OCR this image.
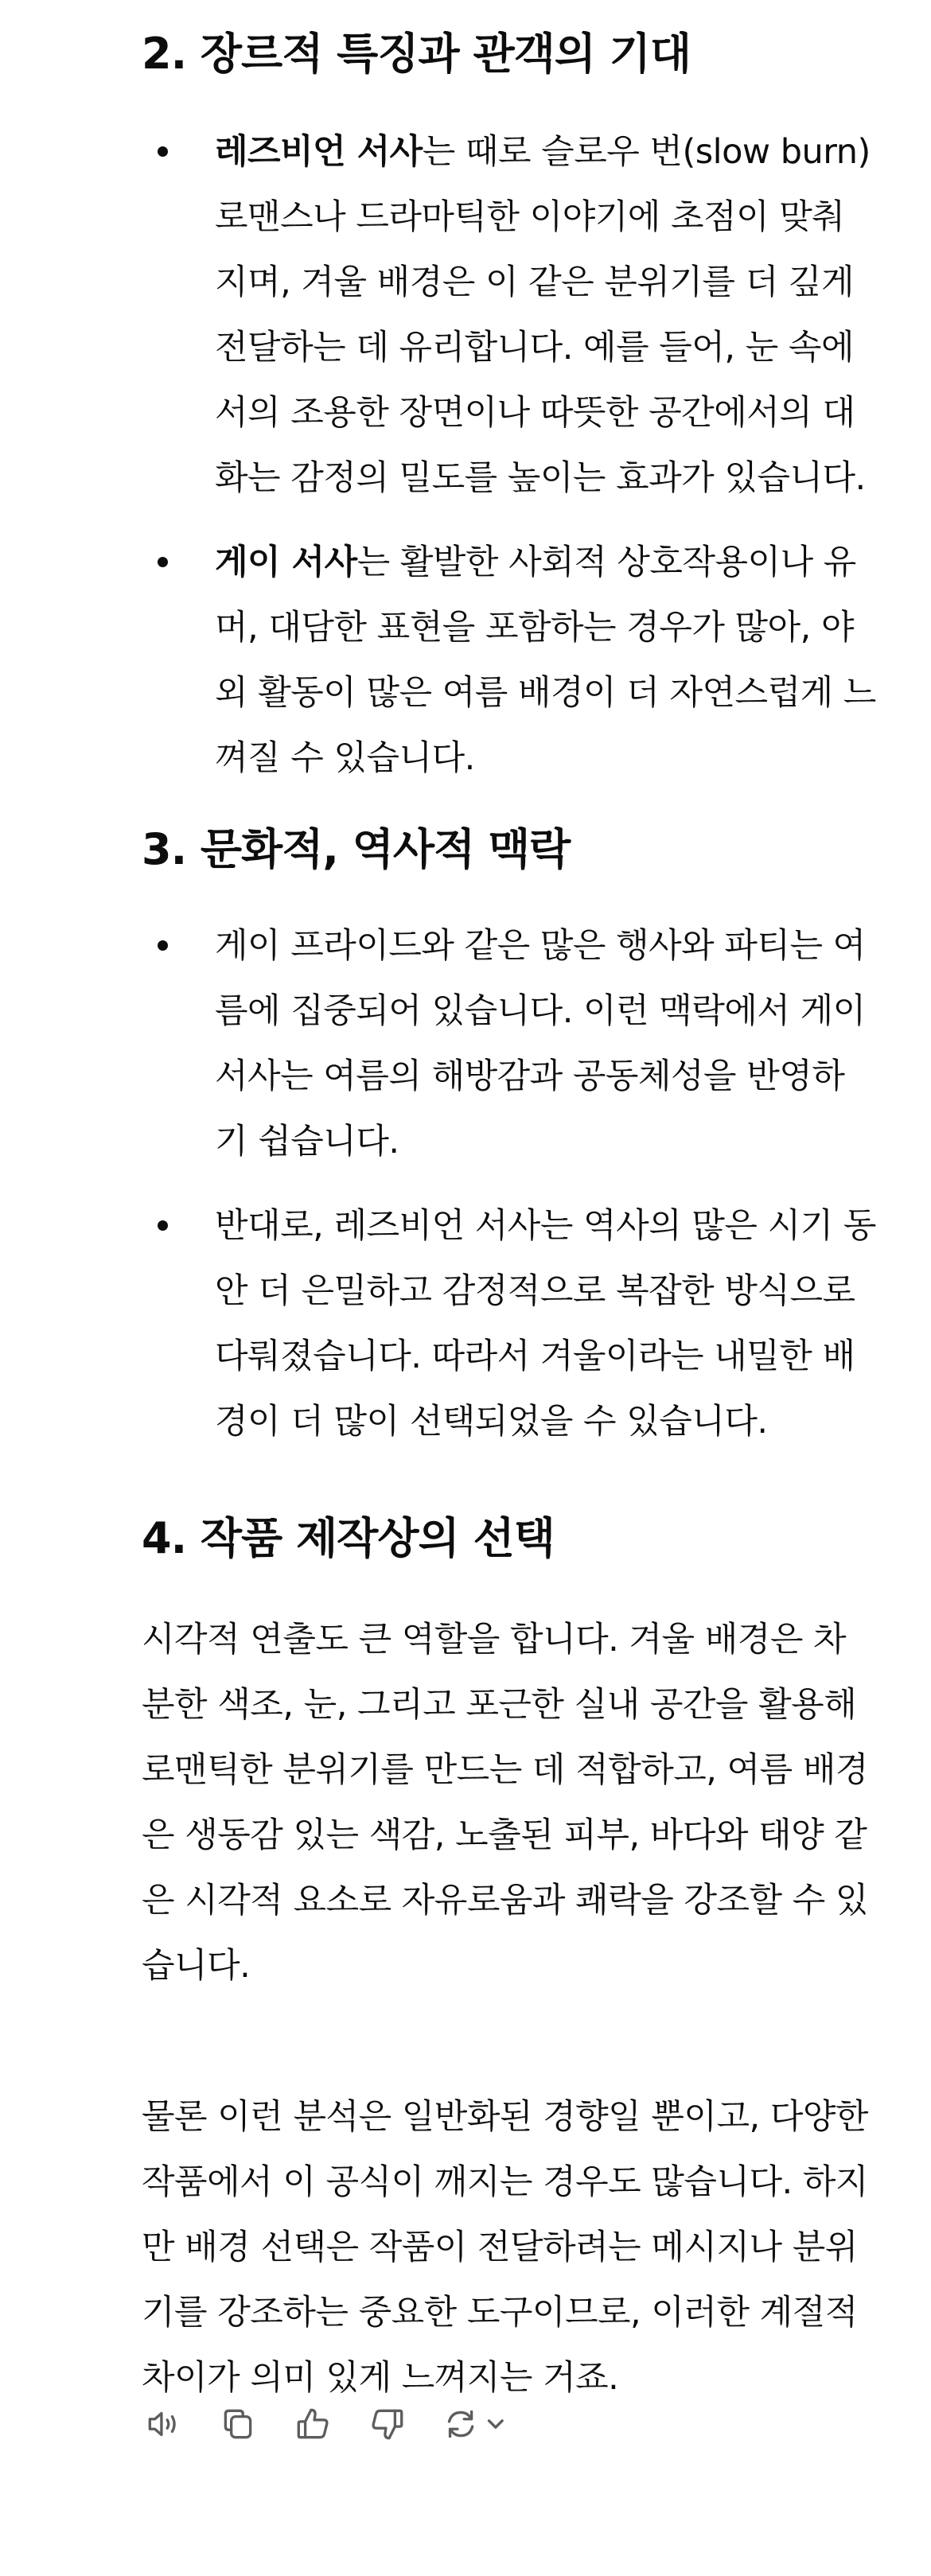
2. 장르적 특징과 관객의 기대
레즈비언 서사는 때로 슬로우 번(slow burn) 로맨스나 드라마틱한 이야기에 초점이 맞춰지며, 겨울 배경은 이 같은 분위기를 더 깊게 전달하는 데 유리합니다. 예를 들어, 눈 속에서의 조용한 장면이나 따뜻한 공간에서의 대화는 감정의 밀도를 높이는 효과가 있습니다.
게이 서사는 활발한 사회적 상호작용이나 유머, 대담한 표현을 포함하는 경우가 많아, 야외 활동이 많은 여름 배경이 더 자연스럽게 느껴질 수 있습니다.
3. 문화적, 역사적 맥락
게이 프라이드와 같은 많은 행사와 파티는 여름에 집중되어 있습니다. 이런 맥락에서 게이 서사는 여름의 해방감과 공동체성을 반영하기 쉽습니다.
반대로, 레즈비언 서사는 역사의 많은 시기 동안 더 은밀하고 감정적으로 복잡한 방식으로 다뤄졌습니다. 따라서 겨울이라는 내밀한 배경이 더 많이 선택되었을 수 있습니다.
4. 작품 제작상의 선택

시각적 연출도 큰 역할을 합니다. 겨울 배경은 차분한 색조, 눈, 그리고 포근한 실내 공간을 활용해 로맨틱한 분위기를 만드는 데 적합하고, 여름 배경은 생동감 있는 색감, 노출된 피부, 바다와 태양 같은 시각적 요소로 자유로움과 쾌락을 강조할 수 있습니다.

물론 이런 분석은 일반화된 경향일 뿐이고, 다양한 작품에서 이 공식이 깨지는 경우도 많습니다. 하지만 배경 선택은 작품이 전달하려는 메시지나 분위기를 강조하는 중요한 도구이므로, 이러한 계절적 차이가 의미 있게 느껴지는 거죠.
